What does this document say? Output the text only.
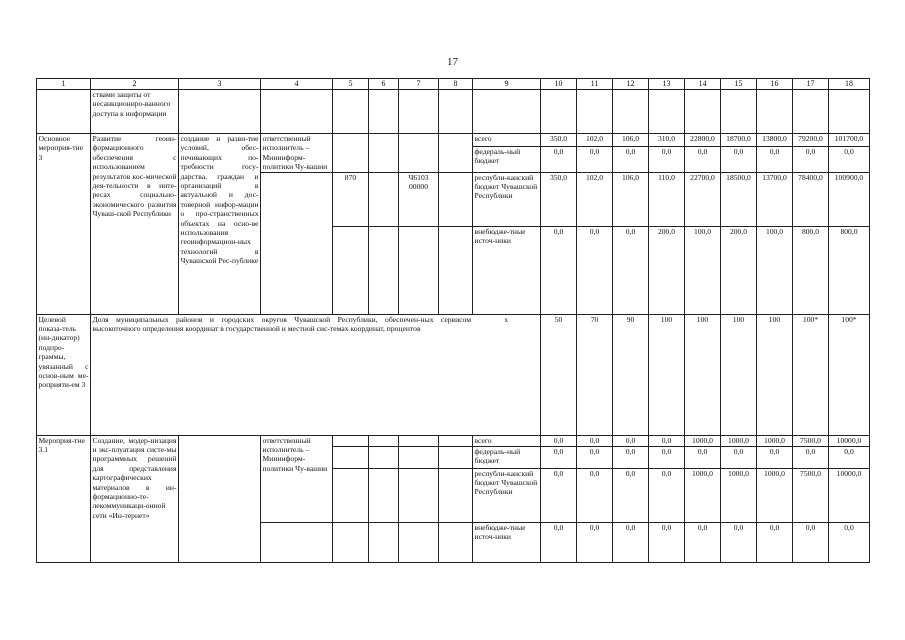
17
1	2	3	4	5	6	7	8	9	10	11	12	13	14	15	16	17	18
	ствами защиты от несанкциониро-ванного доступа к информации																
Основное мероприя-тие 3	Развитие геоин-формационного обеспечения с использованием результатов кос-мической дея-тельности в инте-ресах социально-экономического развития Чуваш-ской Республики	создание и разви-тие условий, обес-печивающих по-требности госу-дарства, граждан и организаций в актуальной и дос-товерной инфор-мации о про-странственных объектах на осно-ве использования геоинформацион-ных технологий в Чувашской Рес-публике	ответственный исполнитель – Мининформ-политики Чу-вашии					всего	350,0	102,0	106,0	310,0	22800,0	18700,0	13800,0	79200,0	101700,0
								федераль-ный бюджет	0,0	0,0	0,0	0,0	0,0	0,0	0,0	0,0	0,0
				870		Ч6103 00000		республи-канский бюджет Чувашской Республики	350,0	102,0	106,0	110,0	22700,0	18500,0	13700,0	78400,0	100900,0
								внебюдже-тные источ-ники	0,0	0,0	0,0	200,0	100,0	200,0	100,0	800,0	800,0
Целевой показа-тель (ин-дикатор) подпро-граммы, увязанный с основ-ным ме-роприяти-ем 3	Доля муниципальных районов и городских округов Чувашской Республики, обеспечен-ных сервисом высокоточного определения координат в государственной и местной сис-темах координат, процентов							х	50	70	90	100	100	100	100	100*	100*
Мероприя-тие 3.1	Создание, модер-низация и экс-плуатация систе-мы программных решений для представления картографических материалов в ин-формационно-те-лекоммуникаци-онной сети «Ин-тернет»		ответственный исполнитель – Мининформ-политики Чу-вашии					всего	0,0	0,0	0,0	0,0	1000,0	1000,0	1000,0	7500,0	10000,0
								федераль-ный бюджет	0,0	0,0	0,0	0,0	0,0	0,0	0,0	0,0	0,0
								республи-канский бюджет Чувашской Республики	0,0	0,0	0,0	0,0	1000,0	1000,0	1000,0	7500,0	10000,0
								внебюдже-тные источ-ники	0,0	0,0	0,0	0,0	0,0	0,0	0,0	0,0	0,0
